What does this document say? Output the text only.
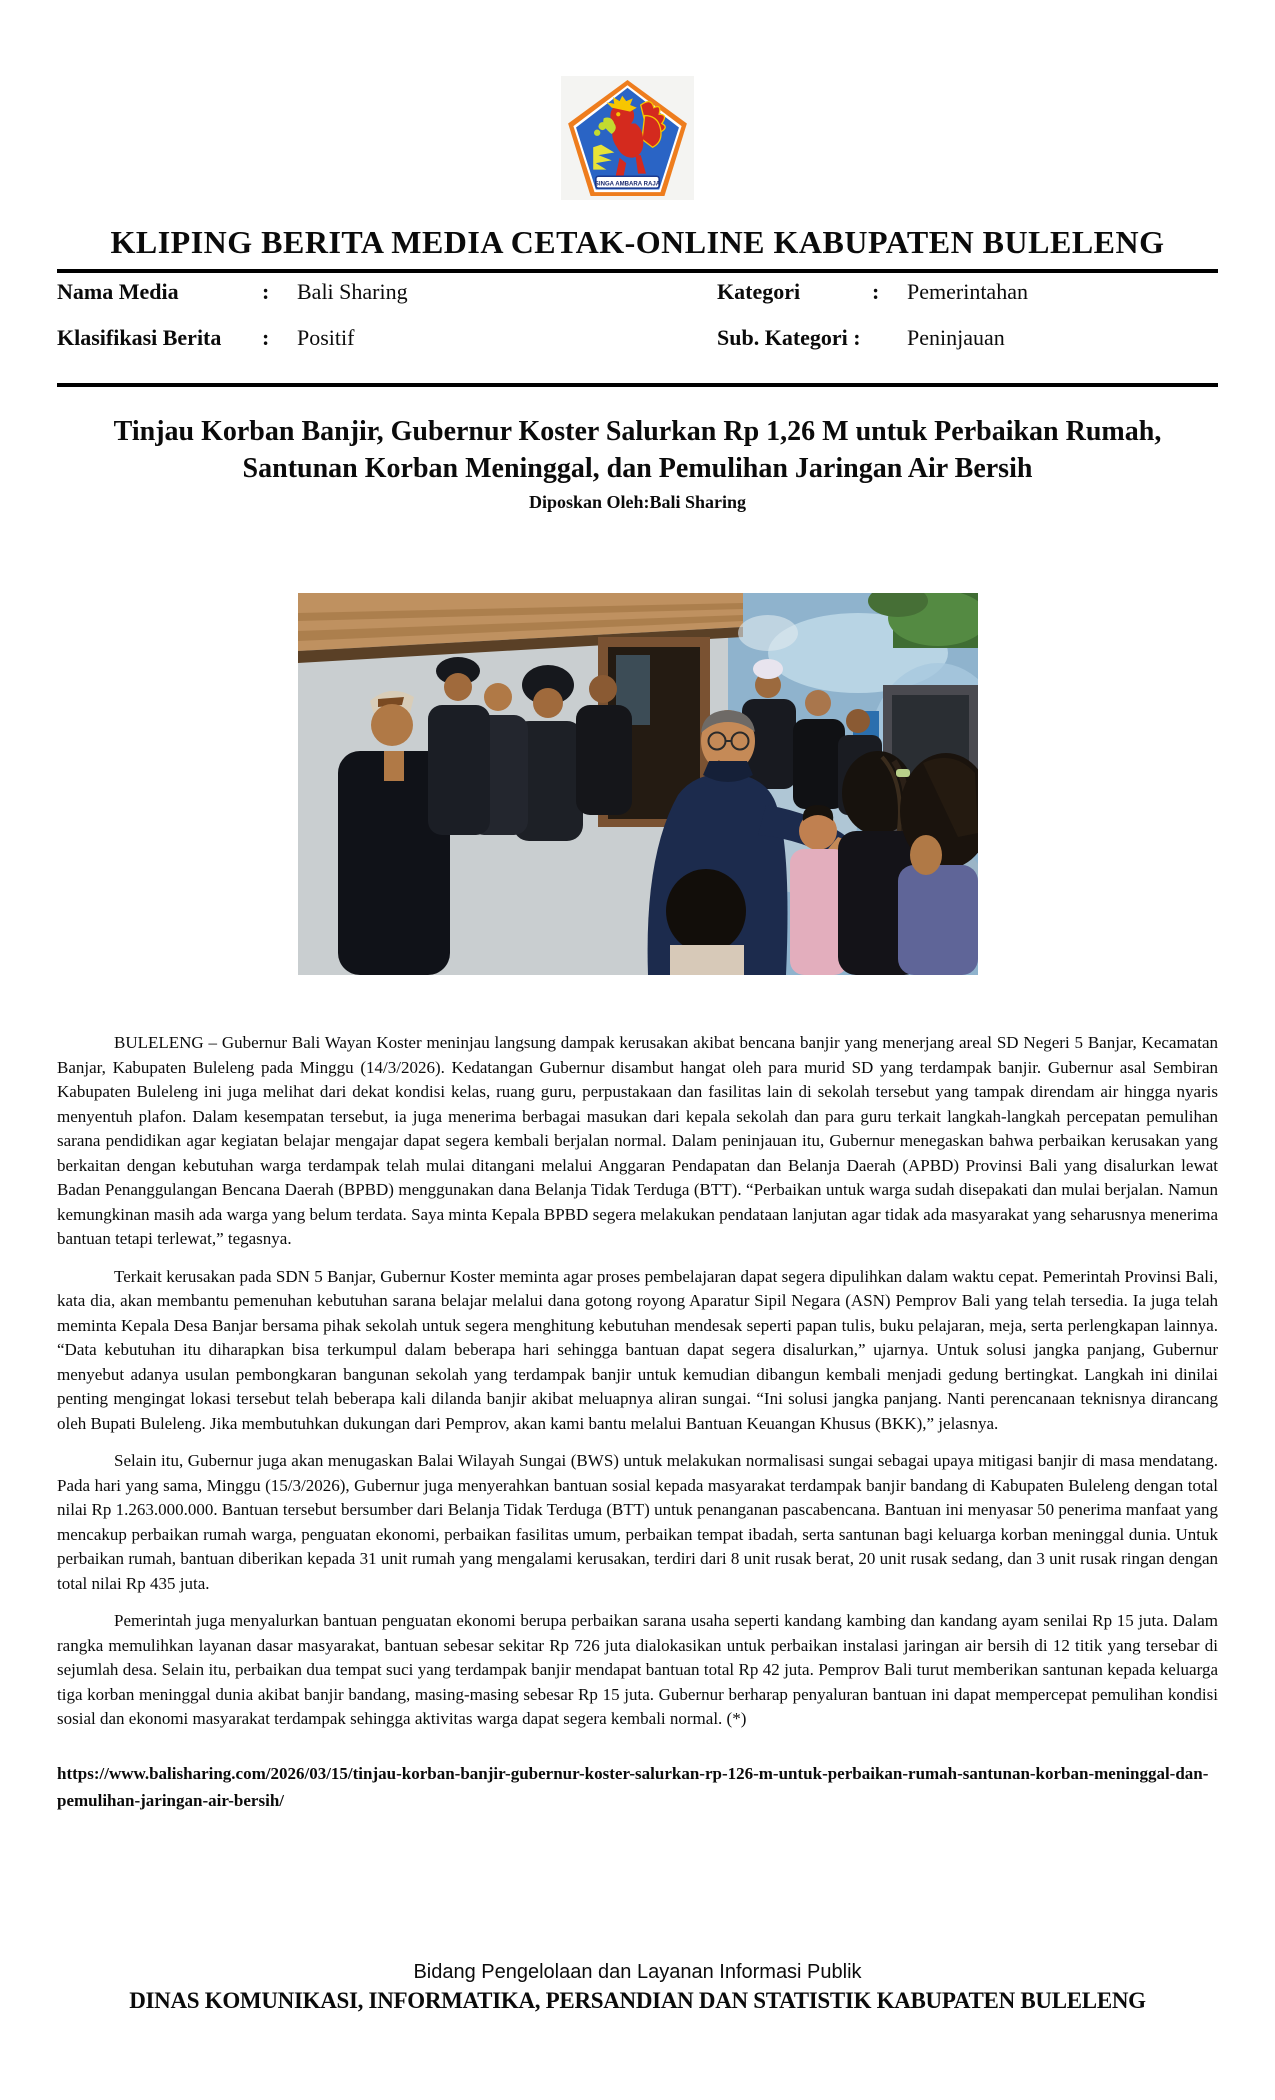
SINGA AMBARA RAJA
KLIPING BERITA MEDIA CETAK-ONLINE KABUPATEN BULELENG
Nama Media	:	Bali Sharing	Kategori	:	Pemerintahan
Klasifikasi Berita	:	Positif	Sub. Kategori :	Peninjauan
Tinjau Korban Banjir, Gubernur Koster Salurkan Rp 1,26 M untuk Perbaikan Rumah, Santunan Korban Meninggal, dan Pemulihan Jaringan Air Bersih
Diposkan Oleh:Bali Sharing

BULELENG – Gubernur Bali Wayan Koster meninjau langsung dampak kerusakan akibat bencana banjir yang menerjang areal SD Negeri 5 Banjar, Kecamatan Banjar, Kabupaten Buleleng pada Minggu (14/3/2026). Kedatangan Gubernur disambut hangat oleh para murid SD yang terdampak banjir. Gubernur asal Sembiran Kabupaten Buleleng ini juga melihat dari dekat kondisi kelas, ruang guru, perpustakaan dan fasilitas lain di sekolah tersebut yang tampak direndam air hingga nyaris menyentuh plafon. Dalam kesempatan tersebut, ia juga menerima berbagai masukan dari kepala sekolah dan para guru terkait langkah-langkah percepatan pemulihan sarana pendidikan agar kegiatan belajar mengajar dapat segera kembali berjalan normal. Dalam peninjauan itu, Gubernur menegaskan bahwa perbaikan kerusakan yang berkaitan dengan kebutuhan warga terdampak telah mulai ditangani melalui Anggaran Pendapatan dan Belanja Daerah (APBD) Provinsi Bali yang disalurkan lewat Badan Penanggulangan Bencana Daerah (BPBD) menggunakan dana Belanja Tidak Terduga (BTT). “Perbaikan untuk warga sudah disepakati dan mulai berjalan. Namun kemungkinan masih ada warga yang belum terdata. Saya minta Kepala BPBD segera melakukan pendataan lanjutan agar tidak ada masyarakat yang seharusnya menerima bantuan tetapi terlewat,” tegasnya.

Terkait kerusakan pada SDN 5 Banjar, Gubernur Koster meminta agar proses pembelajaran dapat segera dipulihkan dalam waktu cepat. Pemerintah Provinsi Bali, kata dia, akan membantu pemenuhan kebutuhan sarana belajar melalui dana gotong royong Aparatur Sipil Negara (ASN) Pemprov Bali yang telah tersedia. Ia juga telah meminta Kepala Desa Banjar bersama pihak sekolah untuk segera menghitung kebutuhan mendesak seperti papan tulis, buku pelajaran, meja, serta perlengkapan lainnya. “Data kebutuhan itu diharapkan bisa terkumpul dalam beberapa hari sehingga bantuan dapat segera disalurkan,” ujarnya. Untuk solusi jangka panjang, Gubernur menyebut adanya usulan pembongkaran bangunan sekolah yang terdampak banjir untuk kemudian dibangun kembali menjadi gedung bertingkat. Langkah ini dinilai penting mengingat lokasi tersebut telah beberapa kali dilanda banjir akibat meluapnya aliran sungai. “Ini solusi jangka panjang. Nanti perencanaan teknisnya dirancang oleh Bupati Buleleng. Jika membutuhkan dukungan dari Pemprov, akan kami bantu melalui Bantuan Keuangan Khusus (BKK),” jelasnya.

Selain itu, Gubernur juga akan menugaskan Balai Wilayah Sungai (BWS) untuk melakukan normalisasi sungai sebagai upaya mitigasi banjir di masa mendatang. Pada hari yang sama, Minggu (15/3/2026), Gubernur juga menyerahkan bantuan sosial kepada masyarakat terdampak banjir bandang di Kabupaten Buleleng dengan total nilai Rp 1.263.000.000. Bantuan tersebut bersumber dari Belanja Tidak Terduga (BTT) untuk penanganan pascabencana. Bantuan ini menyasar 50 penerima manfaat yang mencakup perbaikan rumah warga, penguatan ekonomi, perbaikan fasilitas umum, perbaikan tempat ibadah, serta santunan bagi keluarga korban meninggal dunia. Untuk perbaikan rumah, bantuan diberikan kepada 31 unit rumah yang mengalami kerusakan, terdiri dari 8 unit rusak berat, 20 unit rusak sedang, dan 3 unit rusak ringan dengan total nilai Rp 435 juta.

Pemerintah juga menyalurkan bantuan penguatan ekonomi berupa perbaikan sarana usaha seperti kandang kambing dan kandang ayam senilai Rp 15 juta. Dalam rangka memulihkan layanan dasar masyarakat, bantuan sebesar sekitar Rp 726 juta dialokasikan untuk perbaikan instalasi jaringan air bersih di 12 titik yang tersebar di sejumlah desa. Selain itu, perbaikan dua tempat suci yang terdampak banjir mendapat bantuan total Rp 42 juta. Pemprov Bali turut memberikan santunan kepada keluarga tiga korban meninggal dunia akibat banjir bandang, masing-masing sebesar Rp 15 juta. Gubernur berharap penyaluran bantuan ini dapat mempercepat pemulihan kondisi sosial dan ekonomi masyarakat terdampak sehingga aktivitas warga dapat segera kembali normal. (*)

https://www.balisharing.com/2026/03/15/tinjau-korban-banjir-gubernur-koster-salurkan-rp-126-m-untuk-perbaikan-rumah-santunan-korban-meninggal-dan-pemulihan-jaringan-air-bersih/
Bidang Pengelolaan dan Layanan Informasi Publik
DINAS KOMUNIKASI, INFORMATIKA, PERSANDIAN DAN STATISTIK KABUPATEN BULELENG
